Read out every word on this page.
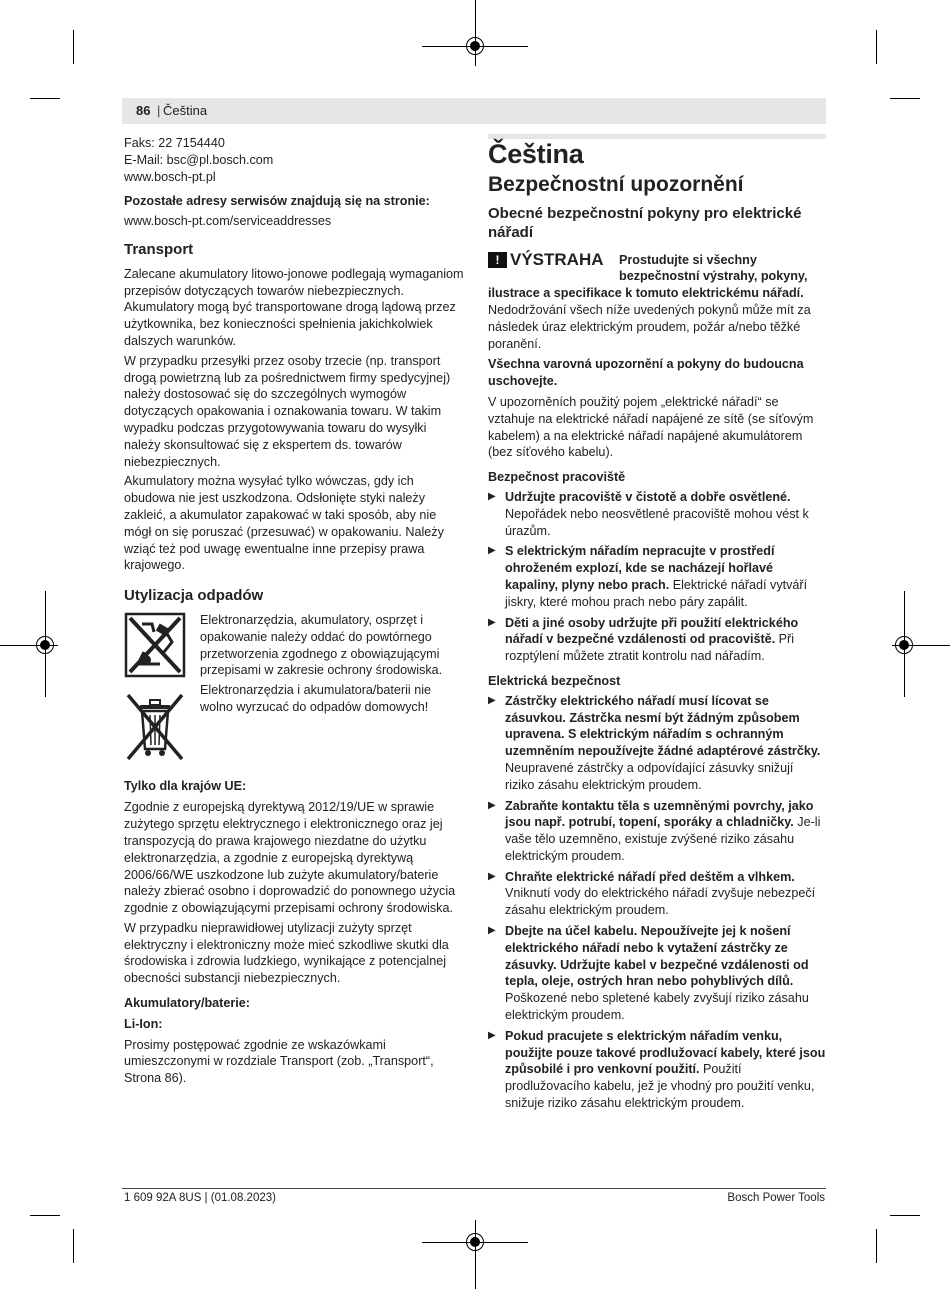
86 | Čeština
Faks: 22 7154440
E-Mail: bsc@pl.bosch.com
www.bosch-pt.pl
Pozostałe adresy serwisów znajdują się na stronie:
www.bosch-pt.com/serviceaddresses
Transport

Zalecane akumulatory litowo-jonowe podlegają wymaganiom przepisów dotyczących towarów niebezpiecznych. Akumulatory mogą być transportowane drogą lądową przez użytkownika, bez konieczności spełnienia jakichkolwiek dalszych warunków.

W przypadku przesyłki przez osoby trzecie (np. transport drogą powietrzną lub za pośrednictwem firmy spedycyjnej) należy dostosować się do szczególnych wymogów dotyczących opakowania i oznakowania towaru. W takim wypadku podczas przygotowywania towaru do wysyłki należy skonsultować się z ekspertem ds. towarów niebezpiecznych.

Akumulatory można wysyłać tylko wówczas, gdy ich obudowa nie jest uszkodzona. Odsłonięte styki należy zakleić, a akumulator zapakować w taki sposób, aby nie mógł on się poruszać (przesuwać) w opakowaniu. Należy wziąć też pod uwagę ewentualne inne przepisy prawa krajowego.

Utylizacja odpadów

Elektronarzędzia, akumulatory, osprzęt i opakowanie należy oddać do powtórnego przetworzenia zgodnego z obowiązującymi przepisami w zakresie ochrony środowiska.

Elektronarzędzia i akumulatora/baterii nie wolno wyrzucać do odpadów domowych!

Tylko dla krajów UE:

Zgodnie z europejską dyrektywą 2012/19/UE w sprawie zużytego sprzętu elektrycznego i elektronicznego oraz jej transpozycją do prawa krajowego niezdatne do użytku elektronarzędzia, a zgodnie z europejską dyrektywą 2006/66/WE uszkodzone lub zużyte akumulatory/baterie należy zbierać osobno i doprowadzić do ponownego użycia zgodnie z obowiązującymi przepisami ochrony środowiska.

W przypadku nieprawidłowej utylizacji zużyty sprzęt elektryczny i elektroniczny może mieć szkodliwe skutki dla środowiska i zdrowia ludzkiego, wynikające z potencjalnej obecności substancji niebezpiecznych.

Akumulatory/baterie:
Li-Ion:

Prosimy postępować zgodnie ze wskazówkami umieszczonymi w rozdziale Transport (zob. „Transport“, Strona 86).

Čeština
Bezpečnostní upozornění
Obecné bezpečnostní pokyny pro elektrické nářadí
! VÝSTRAHA	Prostudujte si všechny bezpečnostní výstrahy, pokyny,
ilustrace a specifikace k tomuto elektrickému nářadí.

Nedodržování všech níže uvedených pokynů může mít za následek úraz elektrickým proudem, požár a/nebo těžké poranění.

Všechna varovná upozornění a pokyny do budoucna uschovejte.

V upozorněních použitý pojem „elektrické nářadí“ se vztahuje na elektrické nářadí napájené ze sítě (se síťovým kabelem) a na elektrické nářadí napájené akumulátorem (bez síťového kabelu).

Bezpečnost pracoviště
▶ Udržujte pracoviště v čistotě a dobře osvětlené. Nepořádek nebo neosvětlené pracoviště mohou vést k úrazům.
▶ S elektrickým nářadím nepracujte v prostředí ohroženém explozí, kde se nacházejí hořlavé kapaliny, plyny nebo prach. Elektrické nářadí vytváří jiskry, které mohou prach nebo páry zapálit.
▶ Děti a jiné osoby udržujte při použití elektrického nářadí v bezpečné vzdálenosti od pracoviště. Při rozptýlení můžete ztratit kontrolu nad nářadím.
Elektrická bezpečnost
▶ Zástrčky elektrického nářadí musí lícovat se zásuvkou. Zástrčka nesmí být žádným způsobem upravena. S elektrickým nářadím s ochranným uzemněním nepoužívejte žádné adaptérové zástrčky. Neupravené zástrčky a odpovídající zásuvky snižují riziko zásahu elektrickým proudem.
▶ Zabraňte kontaktu těla s uzemněnými povrchy, jako jsou např. potrubí, topení, sporáky a chladničky. Je-li vaše tělo uzemněno, existuje zvýšené riziko zásahu elektrickým proudem.
▶ Chraňte elektrické nářadí před deštěm a vlhkem. Vniknutí vody do elektrického nářadí zvyšuje nebezpečí zásahu elektrickým proudem.
▶ Dbejte na účel kabelu. Nepoužívejte jej k nošení elektrického nářadí nebo k vytažení zástrčky ze zásuvky. Udržujte kabel v bezpečné vzdálenosti od tepla, oleje, ostrých hran nebo pohyblivých dílů. Poškozené nebo spletené kabely zvyšují riziko zásahu elektrickým proudem.
▶ Pokud pracujete s elektrickým nářadím venku, použijte pouze takové prodlužovací kabely, které jsou způsobilé i pro venkovní použití. Použití prodlužovacího kabelu, jež je vhodný pro použití venku, snižuje riziko zásahu elektrickým proudem.
1 609 92A 8US | (01.08.2023)	Bosch Power Tools
